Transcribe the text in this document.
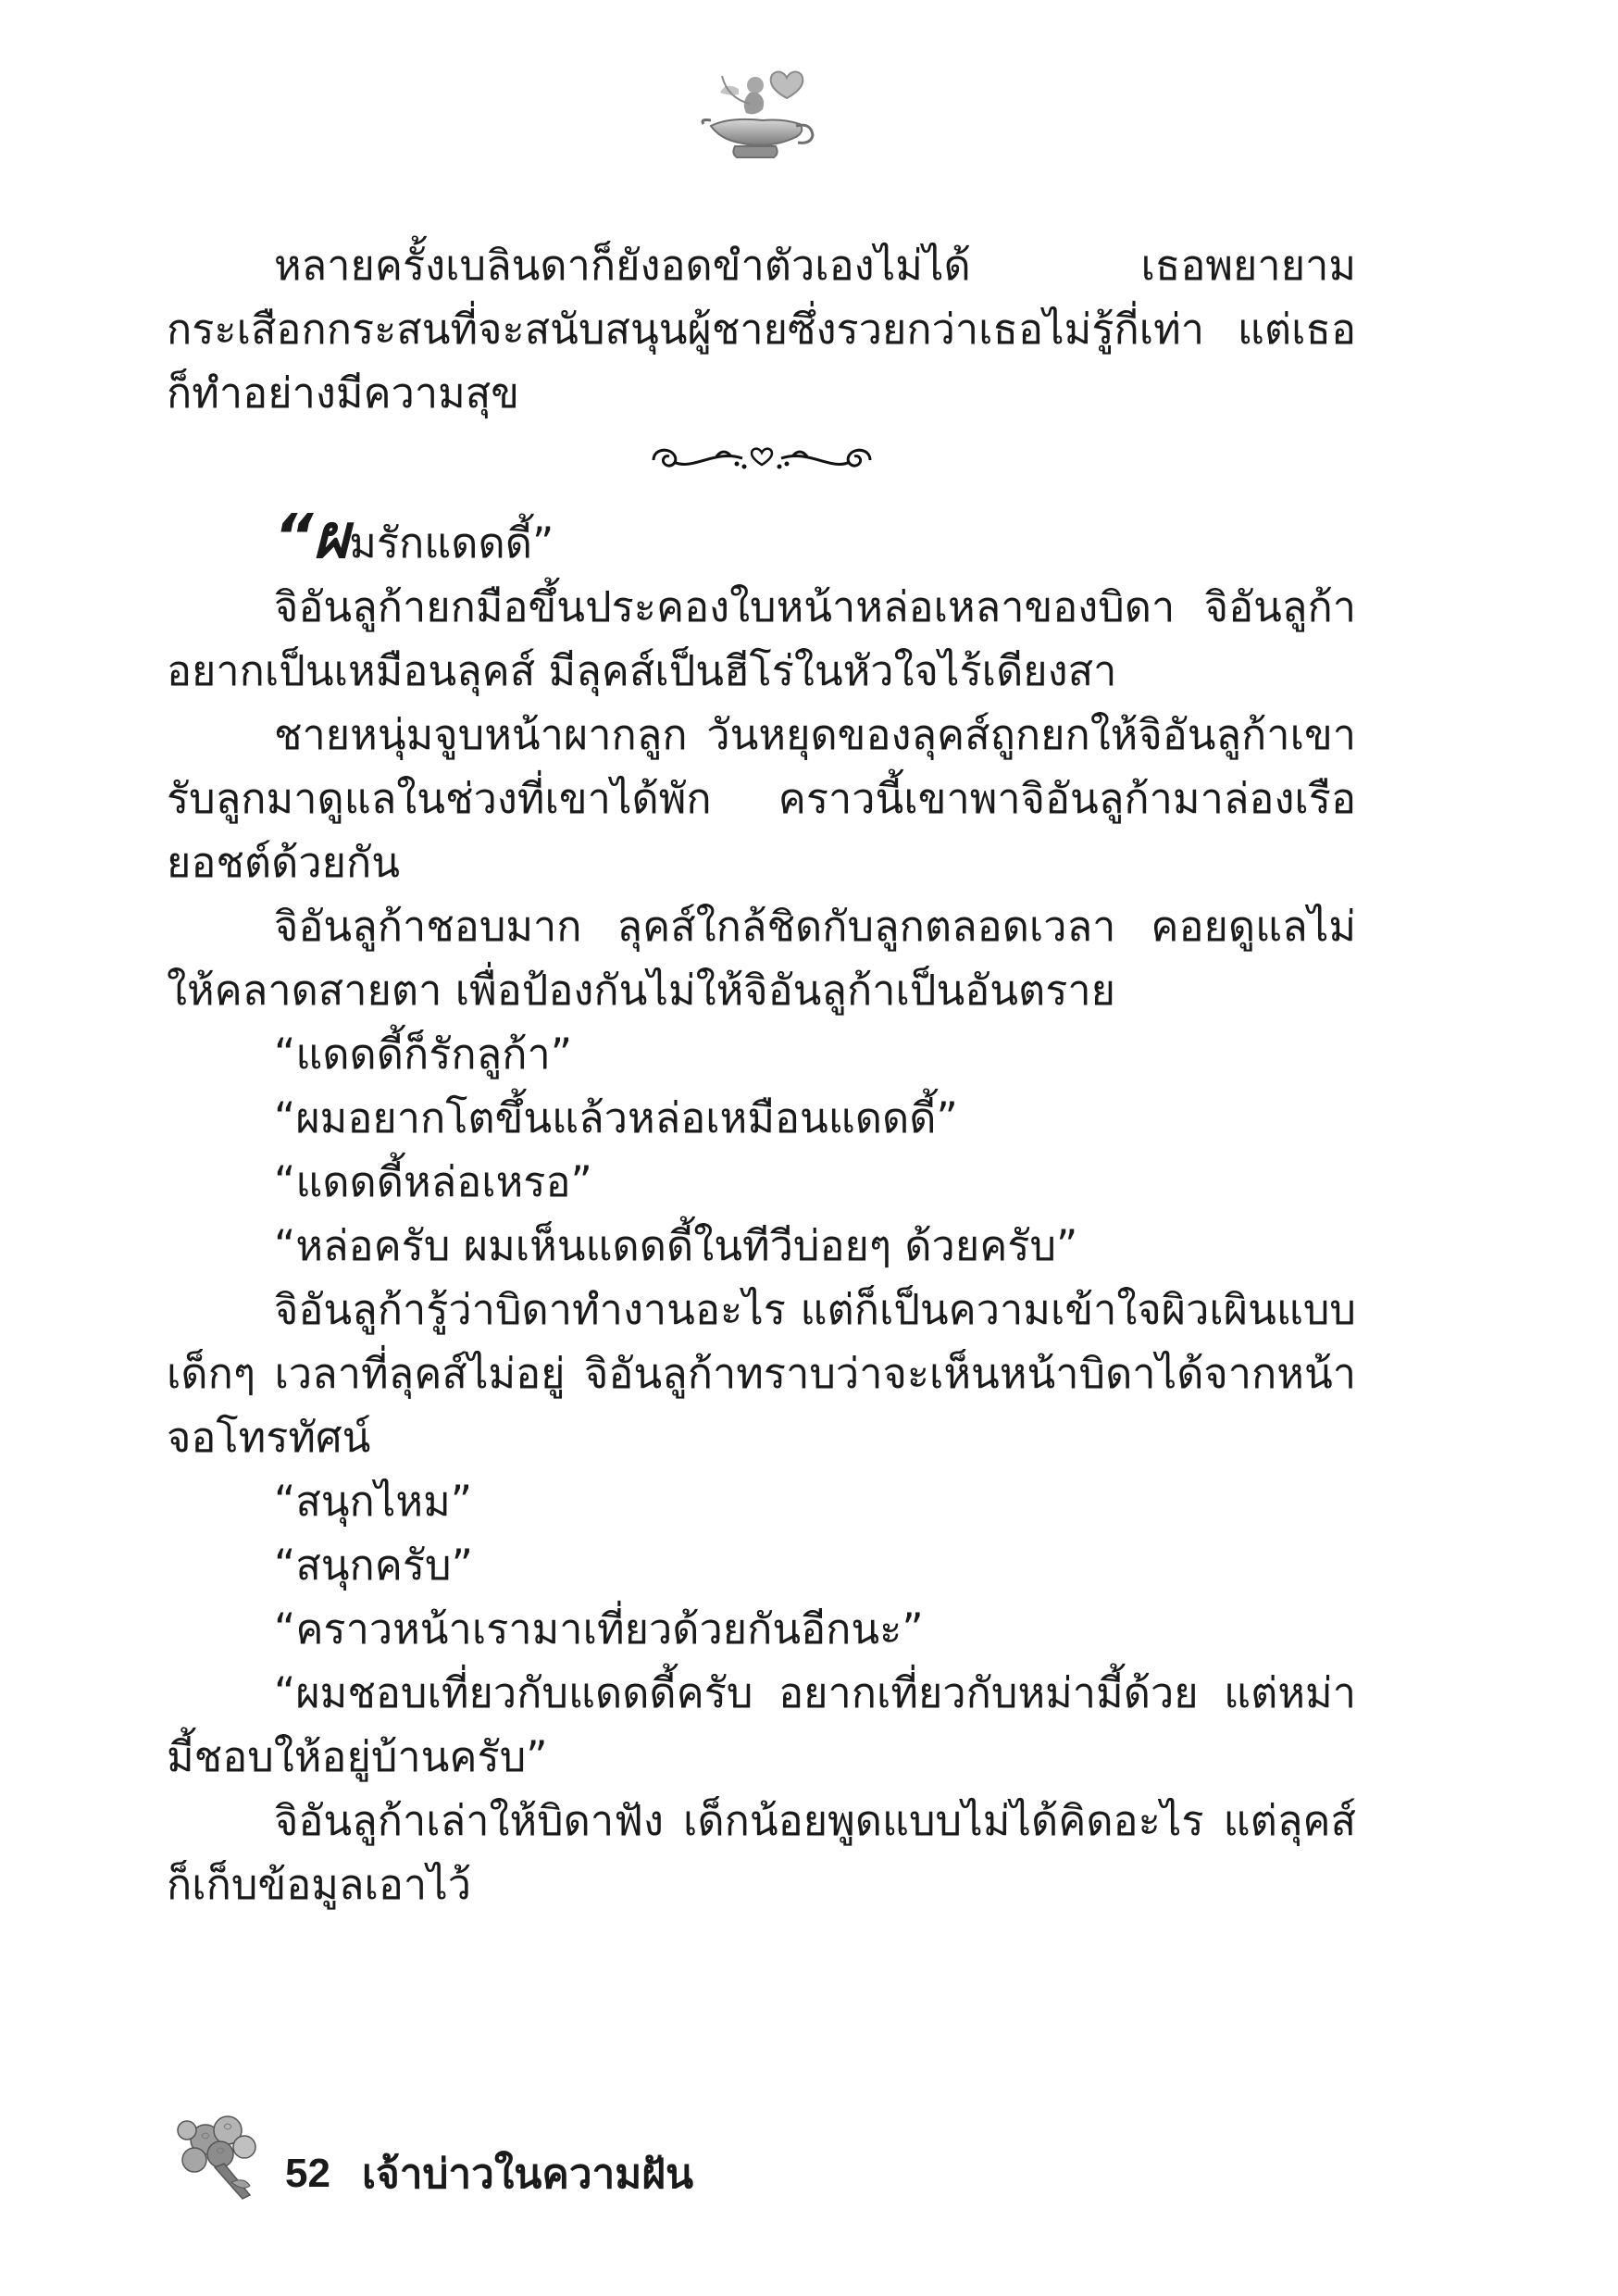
หลายครั้งเบลินดาก็ยังอดขำตัวเองไม่ได้ เธอพยายามกระเสือกกระสนที่จะสนับสนุนผู้ชายซึ่งรวยกว่าเธอไม่รู้กี่เท่า แต่เธอก็ทำอย่างมีความสุข

“ผมรักแดดดี้”

จิอันลูก้ายกมือขึ้นประคองใบหน้าหล่อเหลาของบิดา จิอันลูก้าอยากเป็นเหมือนลุคส์ มีลุคส์เป็นฮีโร่ในหัวใจไร้เดียงสา

ชายหนุ่มจูบหน้าผากลูก วันหยุดของลุคส์ถูกยกให้จิอันลูก้าเขารับลูกมาดูแลในช่วงที่เขาได้พัก คราวนี้เขาพาจิอันลูก้ามาล่องเรือยอชต์ด้วยกัน

จิอันลูก้าชอบมาก ลุคส์ใกล้ชิดกับลูกตลอดเวลา คอยดูแลไม่ให้คลาดสายตา เพื่อป้องกันไม่ให้จิอันลูก้าเป็นอันตราย

“แดดดี้ก็รักลูก้า”

“ผมอยากโตขึ้นแล้วหล่อเหมือนแดดดี้”

“แดดดี้หล่อเหรอ”

“หล่อครับ ผมเห็นแดดดี้ในทีวีบ่อยๆ ด้วยครับ”

จิอันลูก้ารู้ว่าบิดาทำงานอะไร แต่ก็เป็นความเข้าใจผิวเผินแบบเด็กๆ เวลาที่ลุคส์ไม่อยู่ จิอันลูก้าทราบว่าจะเห็นหน้าบิดาได้จากหน้าจอโทรทัศน์

“สนุกไหม”

“สนุกครับ”

“คราวหน้าเรามาเที่ยวด้วยกันอีกนะ”

“ผมชอบเที่ยวกับแดดดี้ครับ อยากเที่ยวกับหม่ามี้ด้วย แต่หม่ามี้ชอบให้อยู่บ้านครับ”

จิอันลูก้าเล่าให้บิดาฟัง เด็กน้อยพูดแบบไม่ได้คิดอะไร แต่ลุคส์ก็เก็บข้อมูลเอาไว้

52 เจ้าบ่าวในความฝัน
